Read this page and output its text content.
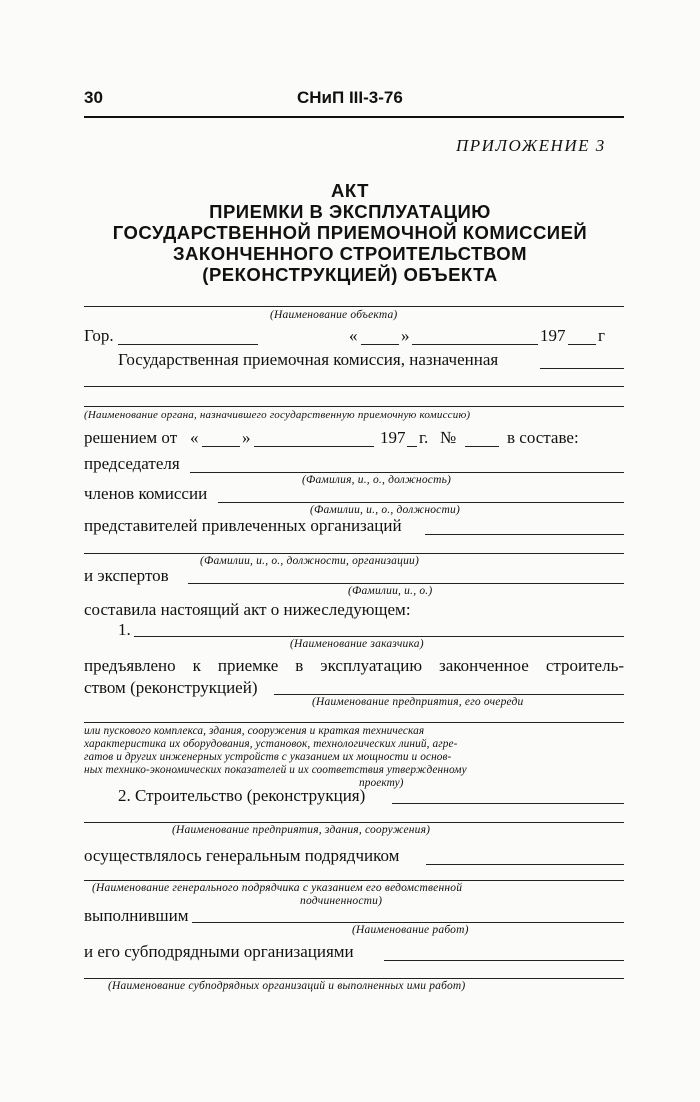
30	СНиП III-3-76
ПРИЛОЖЕНИЕ 3
АКТ
ПРИЕМКИ В ЭКСПЛУАТАЦИЮ
ГОСУДАРСТВЕННОЙ ПРИЕМОЧНОЙ КОМИССИЕЙ
ЗАКОНЧЕННОГО СТРОИТЕЛЬСТВОМ
(РЕКОНСТРУКЦИЕЙ) ОБЪЕКТА
(Наименование объекта)
Гор.	«	»	197 г
Государственная приемочная комиссия, назначенная
(Наименование органа, назначившего государственную приемочную комиссию)
решением от «	»	197 г. №	в составе:
председателя
(Фамилия, и., о., должность)
членов комиссии
(Фамилии, и., о., должности)
представителей привлеченных организаций
(Фамилии, и., о., должности, организации)
и экспертов
(Фамилии, и., о.)
составила настоящий акт о нижеследующем:
1.
(Наименование заказчика)
предъявлено к приемке в эксплуатацию законченное строитель-
ством (реконструкцией)
(Наименование предприятия, его очереди
или пускового комплекса, здания, сооружения и краткая техническая
характеристика их оборудования, установок, технологических линий, агре-
гатов и других инженерных устройств с указанием их мощности и основ-
ных технико-экономических показателей и их соответствия утвержденному
проекту)
2. Строительство (реконструкция)
(Наименование предприятия, здания, сооружения)
осуществлялось генеральным подрядчиком
(Наименование генерального подрядчика с указанием его ведомственной
подчиненности)
выполнившим
(Наименование работ)
и его субподрядными организациями
(Наименование субподрядных организаций и выполненных ими работ)
